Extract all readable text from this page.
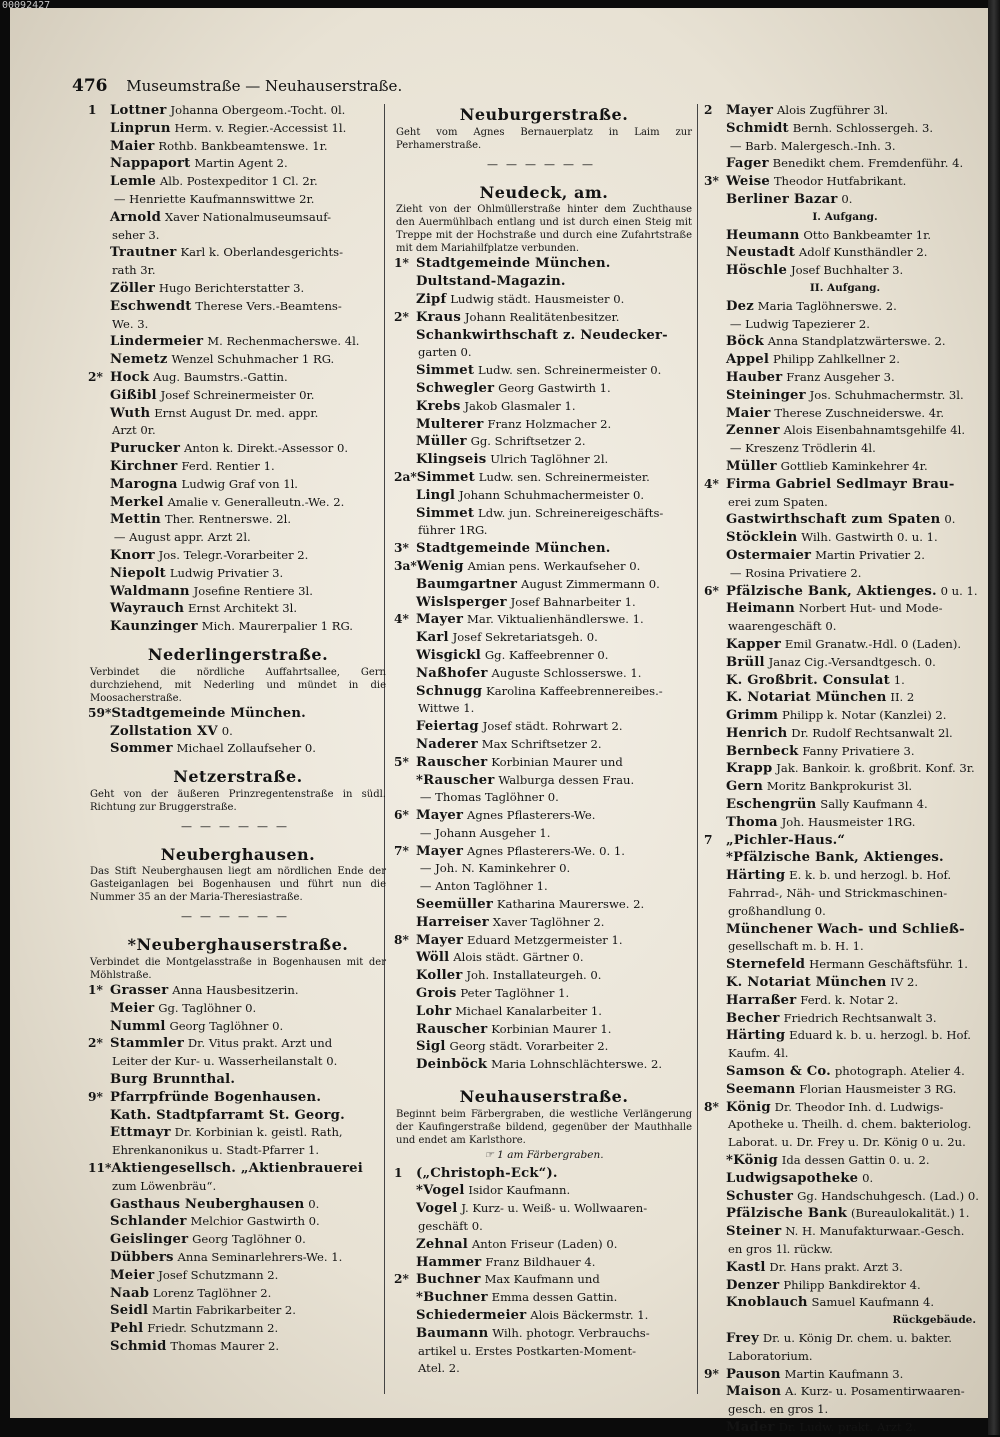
476 Museumstraße — Neuhauserstraße.
1 Lottner Johanna Obergeom.-Tocht. 0l.
Linprun Herm. v. Regier.-Accessist 1l.
Maier Rothb. Bankbeamtenswe. 1r.
Nappaport Martin Agent 2.
Lemle Alb. Postexpeditor 1 Cl. 2r.
— Henriette Kaufmannswittwe 2r.
Arnold Xaver Nationalmuseumsauf-
seher 3.
Trautner Karl k. Oberlandesgerichts-
rath 3r.
Zöller Hugo Berichterstatter 3.
Eschwendt Therese Vers.-Beamtens-
We. 3.
Lindermeier M. Rechenmacherswe. 4l.
Nemetz Wenzel Schuhmacher 1 RG.
2* Hock Aug. Baumstrs.-Gattin.
Gißibl Josef Schreinermeister 0r.
Wuth Ernst August Dr. med. appr.
Arzt 0r.
Purucker Anton k. Direkt.-Assessor 0.
Kirchner Ferd. Rentier 1.
Marogna Ludwig Graf von 1l.
Merkel Amalie v. Generalleutn.-We. 2.
Mettin Ther. Rentnerswe. 2l.
— August appr. Arzt 2l.
Knorr Jos. Telegr.-Vorarbeiter 2.
Niepolt Ludwig Privatier 3.
Waldmann Josefine Rentiere 3l.
Wayrauch Ernst Architekt 3l.
Kaunzinger Mich. Maurerpalier 1 RG.
Nederlingerstraße.
Verbindet die nördliche Auffahrtsallee, Gern durchziehend, mit Nederling und mündet in die Moosacherstraße.
59*Stadtgemeinde München.
Zollstation XV 0.
Sommer Michael Zollaufseher 0.
Netzerstraße.
Geht von der äußeren Prinzregentenstraße in südl. Richtung zur Bruggerstraße.
——————
Neuberghausen.
Das Stift Neuberghausen liegt am nördlichen Ende der Gasteiganlagen bei Bogenhausen und führt nun die Nummer 35 an der Maria-Theresiastraße.
——————
*Neuberghauserstraße.
Verbindet die Montgelasstraße in Bogenhausen mit der Möhlstraße.
1* Grasser Anna Hausbesitzerin.
Meier Gg. Taglöhner 0.
Numml Georg Taglöhner 0.
2* Stammler Dr. Vitus prakt. Arzt und
Leiter der Kur- u. Wasserheilanstalt 0.
Burg Brunnthal.
9* Pfarrpfründe Bogenhausen.
Kath. Stadtpfarramt St. Georg.
Ettmayr Dr. Korbinian k. geistl. Rath,
Ehrenkanonikus u. Stadt-Pfarrer 1.
11*Aktiengesellsch. „Aktienbrauerei
zum Löwenbräu“.
Gasthaus Neuberghausen 0.
Schlander Melchior Gastwirth 0.
Geislinger Georg Taglöhner 0.
Dübbers Anna Seminarlehrers-We. 1.
Meier Josef Schutzmann 2.
Naab Lorenz Taglöhner 2.
Seidl Martin Fabrikarbeiter 2.
Pehl Friedr. Schutzmann 2.
Schmid Thomas Maurer 2.
Neuburgerstraße.
Geht vom Agnes Bernauerplatz in Laim zur Perhamerstraße.
——————
Neudeck, am.
Zieht von der Ohlmüllerstraße hinter dem Zuchthause den Auermühlbach entlang und ist durch einen Steig mit Treppe mit der Hochstraße und durch eine Zufahrtstraße mit dem Mariahilfplatze verbunden.
1* Stadtgemeinde München.
Dultstand-Magazin.
Zipf Ludwig städt. Hausmeister 0.
2* Kraus Johann Realitätenbesitzer.
Schankwirthschaft z. Neudecker-
garten 0.
Simmet Ludw. sen. Schreinermeister 0.
Schwegler Georg Gastwirth 1.
Krebs Jakob Glasmaler 1.
Multerer Franz Holzmacher 2.
Müller Gg. Schriftsetzer 2.
Klingseis Ulrich Taglöhner 2l.
2a*Simmet Ludw. sen. Schreinermeister.
Lingl Johann Schuhmachermeister 0.
Simmet Ldw. jun. Schreinereigeschäfts-
führer 1RG.
3* Stadtgemeinde München.
3a*Wenig Amian pens. Werkaufseher 0.
Baumgartner August Zimmermann 0.
Wislsperger Josef Bahnarbeiter 1.
4* Mayer Mar. Viktualienhändlerswe. 1.
Karl Josef Sekretariatsgeh. 0.
Wisgickl Gg. Kaffeebrenner 0.
Naßhofer Auguste Schlosserswe. 1.
Schnugg Karolina Kaffeebrennereibes.-
Wittwe 1.
Feiertag Josef städt. Rohrwart 2.
Naderer Max Schriftsetzer 2.
5* Rauscher Korbinian Maurer und
*Rauscher Walburga dessen Frau.
— Thomas Taglöhner 0.
6* Mayer Agnes Pflasterers-We.
— Johann Ausgeher 1.
7* Mayer Agnes Pflasterers-We. 0. 1.
— Joh. N. Kaminkehrer 0.
— Anton Taglöhner 1.
Seemüller Katharina Maurerswe. 2.
Harreiser Xaver Taglöhner 2.
8* Mayer Eduard Metzgermeister 1.
Wöll Alois städt. Gärtner 0.
Koller Joh. Installateurgeh. 0.
Grois Peter Taglöhner 1.
Lohr Michael Kanalarbeiter 1.
Rauscher Korbinian Maurer 1.
Sigl Georg städt. Vorarbeiter 2.
Deinböck Maria Lohnschlächterswe. 2.
Neuhauserstraße.
Beginnt beim Färbergraben, die westliche Verlängerung der Kaufingerstraße bildend, gegenüber der Mauthhalle und endet am Karlsthore.
☞ 1 am Färbergraben.
1 („Christoph-Eck“).
*Vogel Isidor Kaufmann.
Vogel J. Kurz- u. Weiß- u. Wollwaaren-
geschäft 0.
Zehnal Anton Friseur (Laden) 0.
Hammer Franz Bildhauer 4.
2* Buchner Max Kaufmann und
*Buchner Emma dessen Gattin.
Schiedermeier Alois Bäckermstr. 1.
Baumann Wilh. photogr. Verbrauchs-
artikel u. Erstes Postkarten-Moment-
Atel. 2.
2 Mayer Alois Zugführer 3l.
Schmidt Bernh. Schlossergeh. 3.
— Barb. Malergesch.-Inh. 3.
Fager Benedikt chem. Fremdenführ. 4.
3* Weise Theodor Hutfabrikant.
Berliner Bazar 0.
I. Aufgang.
Heumann Otto Bankbeamter 1r.
Neustadt Adolf Kunsthändler 2.
Höschle Josef Buchhalter 3.
II. Aufgang.
Dez Maria Taglöhnerswe. 2.
— Ludwig Tapezierer 2.
Böck Anna Standplatzwärterswe. 2.
Appel Philipp Zahlkellner 2.
Hauber Franz Ausgeher 3.
Steininger Jos. Schuhmachermstr. 3l.
Maier Therese Zuschneiderswe. 4r.
Zenner Alois Eisenbahnamtsgehilfe 4l.
— Kreszenz Trödlerin 4l.
Müller Gottlieb Kaminkehrer 4r.
4* Firma Gabriel Sedlmayr Brau-
erei zum Spaten.
Gastwirthschaft zum Spaten 0.
Stöcklein Wilh. Gastwirth 0. u. 1.
Ostermaier Martin Privatier 2.
— Rosina Privatiere 2.
6* Pfälzische Bank, Aktienges. 0 u. 1.
Heimann Norbert Hut- und Mode-
waarengeschäft 0.
Kapper Emil Granatw.-Hdl. 0 (Laden).
Brüll Janaz Cig.-Versandtgesch. 0.
K. Großbrit. Consulat 1.
K. Notariat München II. 2
Grimm Philipp k. Notar (Kanzlei) 2.
Henrich Dr. Rudolf Rechtsanwalt 2l.
Bernbeck Fanny Privatiere 3.
Krapp Jak. Bankoir. k. großbrit. Konf. 3r.
Gern Moritz Bankprokurist 3l.
Eschengrün Sally Kaufmann 4.
Thoma Joh. Hausmeister 1RG.
7 „Pichler-Haus.“
*Pfälzische Bank, Aktienges.
Härting E. k. b. und herzogl. b. Hof.
Fahrrad-, Näh- und Strickmaschinen-
großhandlung 0.
Münchener Wach- und Schließ-
gesellschaft m. b. H. 1.
Sternefeld Hermann Geschäftsführ. 1.
K. Notariat München IV 2.
Harraßer Ferd. k. Notar 2.
Becher Friedrich Rechtsanwalt 3.
Härting Eduard k. b. u. herzogl. b. Hof.
Kaufm. 4l.
Samson & Co. photograph. Atelier 4.
Seemann Florian Hausmeister 3 RG.
8* König Dr. Theodor Inh. d. Ludwigs-
Apotheke u. Theilh. d. chem. bakteriolog.
Laborat. u. Dr. Frey u. Dr. König 0 u. 2u.
*König Ida dessen Gattin 0. u. 2.
Ludwigsapotheke 0.
Schuster Gg. Handschuhgesch. (Lad.) 0.
Pfälzische Bank (Bureaulokalität.) 1.
Steiner N. H. Manufakturwaar.-Gesch.
en gros 1l. rückw.
Kastl Dr. Hans prakt. Arzt 3.
Denzer Philipp Bankdirektor 4.
Knoblauch Samuel Kaufmann 4.
Rückgebäude.
Frey Dr. u. König Dr. chem. u. bakter.
Laboratorium.
9* Pauson Martin Kaufmann 3.
Maison A. Kurz- u. Posamentirwaaren-
gesch. en gros 1.
Mader Dr. Ludw. prakt. Arzt 2.
00092427
